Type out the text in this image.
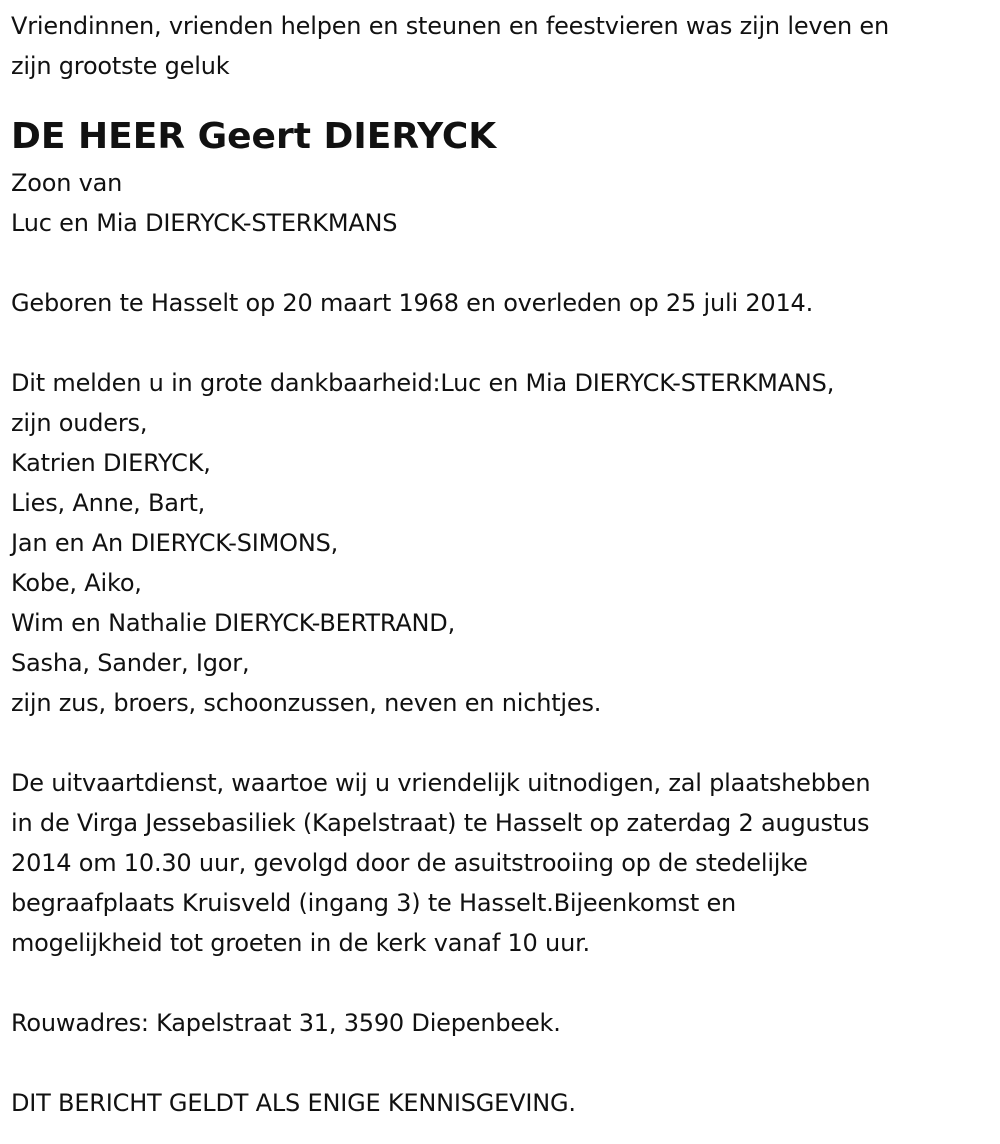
Vriendinnen, vrienden helpen en steunen en feestvieren was zijn leven en
zijn grootste geluk
DE HEER Geert DIERYCK
Zoon van
Luc en Mia DIERYCK-STERKMANS
Geboren te Hasselt op 20 maart 1968 en overleden op 25 juli 2014.
Dit melden u in grote dankbaarheid:Luc en Mia DIERYCK-STERKMANS,
zijn ouders,
Katrien DIERYCK,
Lies, Anne, Bart,
Jan en An DIERYCK-SIMONS,
Kobe, Aiko,
Wim en Nathalie DIERYCK-BERTRAND,
Sasha, Sander, Igor,
zijn zus, broers, schoonzussen, neven en nichtjes.
De uitvaartdienst, waartoe wij u vriendelijk uitnodigen, zal plaatshebben
in de Virga Jessebasiliek (Kapelstraat) te Hasselt op zaterdag 2 augustus
2014 om 10.30 uur, gevolgd door de asuitstrooiing op de stedelijke
begraafplaats Kruisveld (ingang 3) te Hasselt.Bijeenkomst en
mogelijkheid tot groeten in de kerk vanaf 10 uur.
Rouwadres: Kapelstraat 31, 3590 Diepenbeek.
DIT BERICHT GELDT ALS ENIGE KENNISGEVING.
